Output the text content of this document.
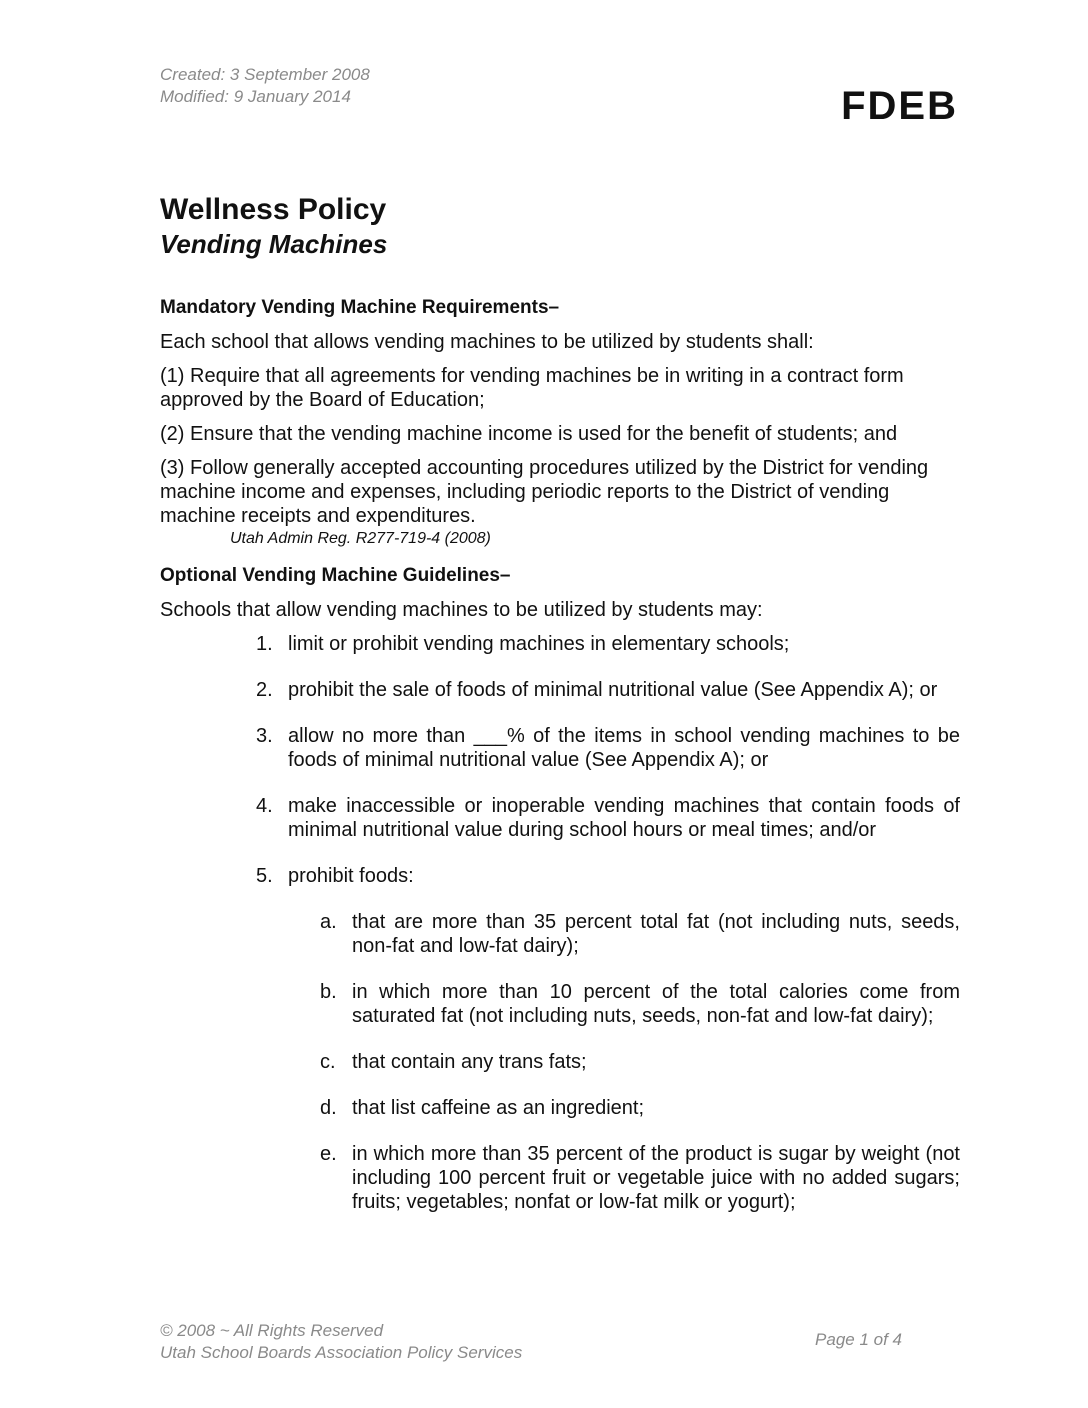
Created: 3 September 2008
Modified: 9 January 2014	FDEB
Wellness Policy
Vending Machines

Mandatory Vending Machine Requirements–

Each school that allows vending machines to be utilized by students shall:

(1) Require that all agreements for vending machines be in writing in a contract form approved by the Board of Education;

(2) Ensure that the vending machine income is used for the benefit of students; and

(3) Follow generally accepted accounting procedures utilized by the District for vending machine income and expenses, including periodic reports to the District of vending machine receipts and expenditures.

Utah Admin Reg. R277-719-4 (2008)

Optional Vending Machine Guidelines–

Schools that allow vending machines to be utilized by students may:

1. limit or prohibit vending machines in elementary schools;
2. prohibit the sale of foods of minimal nutritional value (See Appendix A); or
3. allow no more than ___% of the items in school vending machines to be foods of minimal nutritional value (See Appendix A); or
4. make inaccessible or inoperable vending machines that contain foods of minimal nutritional value during school hours or meal times; and/or
5. prohibit foods:
a. that are more than 35 percent total fat (not including nuts, seeds, non-fat and low-fat dairy);
b. in which more than 10 percent of the total calories come from saturated fat (not including nuts, seeds, non-fat and low-fat dairy);
c. that contain any trans fats;
d. that list caffeine as an ingredient;
e. in which more than 35 percent of the product is sugar by weight (not including 100 percent fruit or vegetable juice with no added sugars; fruits; vegetables; nonfat or low-fat milk or yogurt);
© 2008 ~ All Rights Reserved
Utah School Boards Association Policy Services
Page 1 of 4
